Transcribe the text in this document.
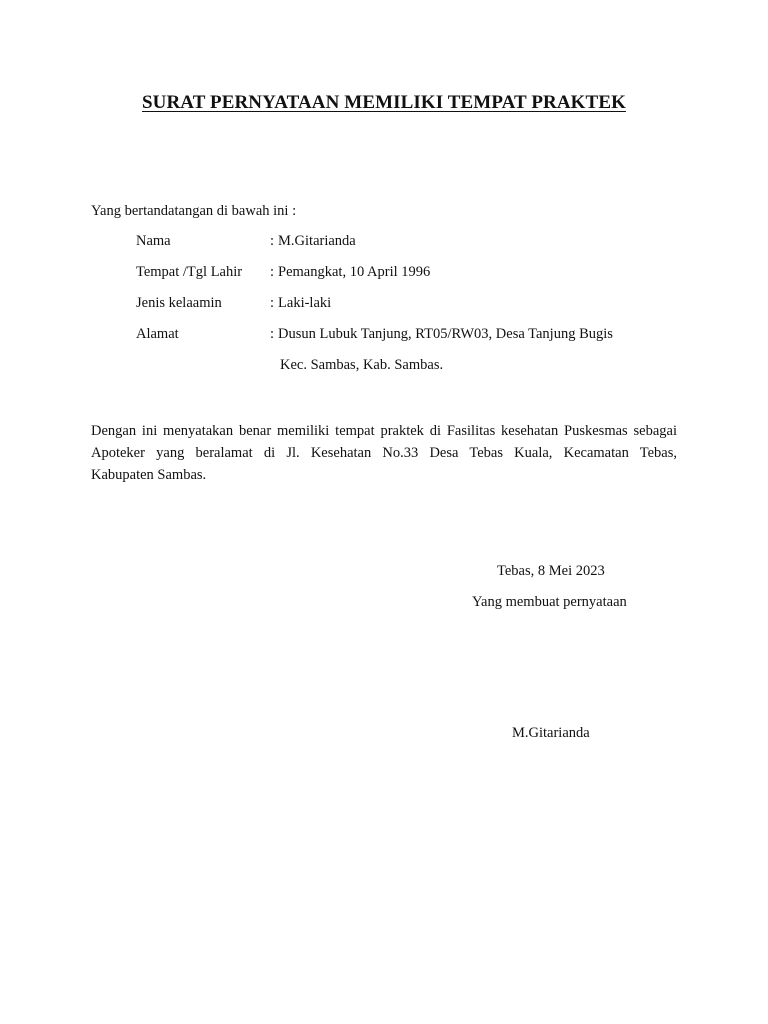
SURAT PERNYATAAN MEMILIKI TEMPAT PRAKTEK
Yang bertandatangan di bawah ini :
Nama	: M.Gitarianda
Tempat /Tgl Lahir : Pemangkat, 10 April 1996
Jenis kelaamin	: Laki-laki
Alamat	: Dusun Lubuk Tanjung, RT05/RW03, Desa Tanjung Bugis
Kec. Sambas, Kab. Sambas.
Dengan ini menyatakan benar memiliki tempat praktek di Fasilitas kesehatan Puskesmas sebagai
Apoteker yang beralamat di Jl. Kesehatan No.33 Desa Tebas Kuala, Kecamatan Tebas,
Kabupaten Sambas.
Tebas, 8 Mei 2023
Yang membuat pernyataan
M.Gitarianda
